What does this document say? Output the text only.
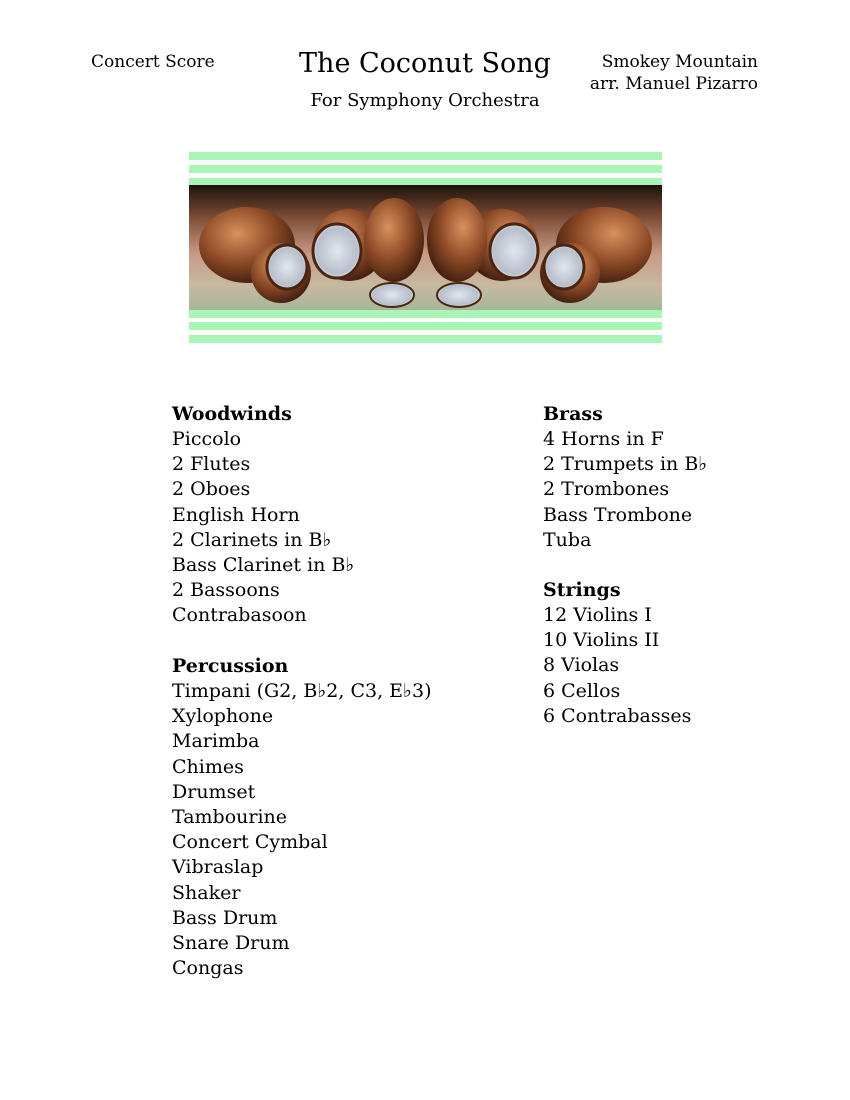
Concert Score	The Coconut Song
For Symphony Orchestra
Smokey Mountain
arr. Manuel Pizarro
Woodwinds
Piccolo
2 Flutes
2 Oboes
English Horn
2 Clarinets in B♭
Bass Clarinet in B♭
2 Bassoons
Contrabasoon
Percussion
Timpani (G2, B♭2, C3, E♭3)
Xylophone
Marimba
Chimes
Drumset
Tambourine
Concert Cymbal
Vibraslap
Shaker
Bass Drum
Snare Drum
Congas
Brass
4 Horns in F
2 Trumpets in B♭
2 Trombones
Bass Trombone
Tuba
Strings
12 Violins I
10 Violins II
8 Violas
6 Cellos
6 Contrabasses
